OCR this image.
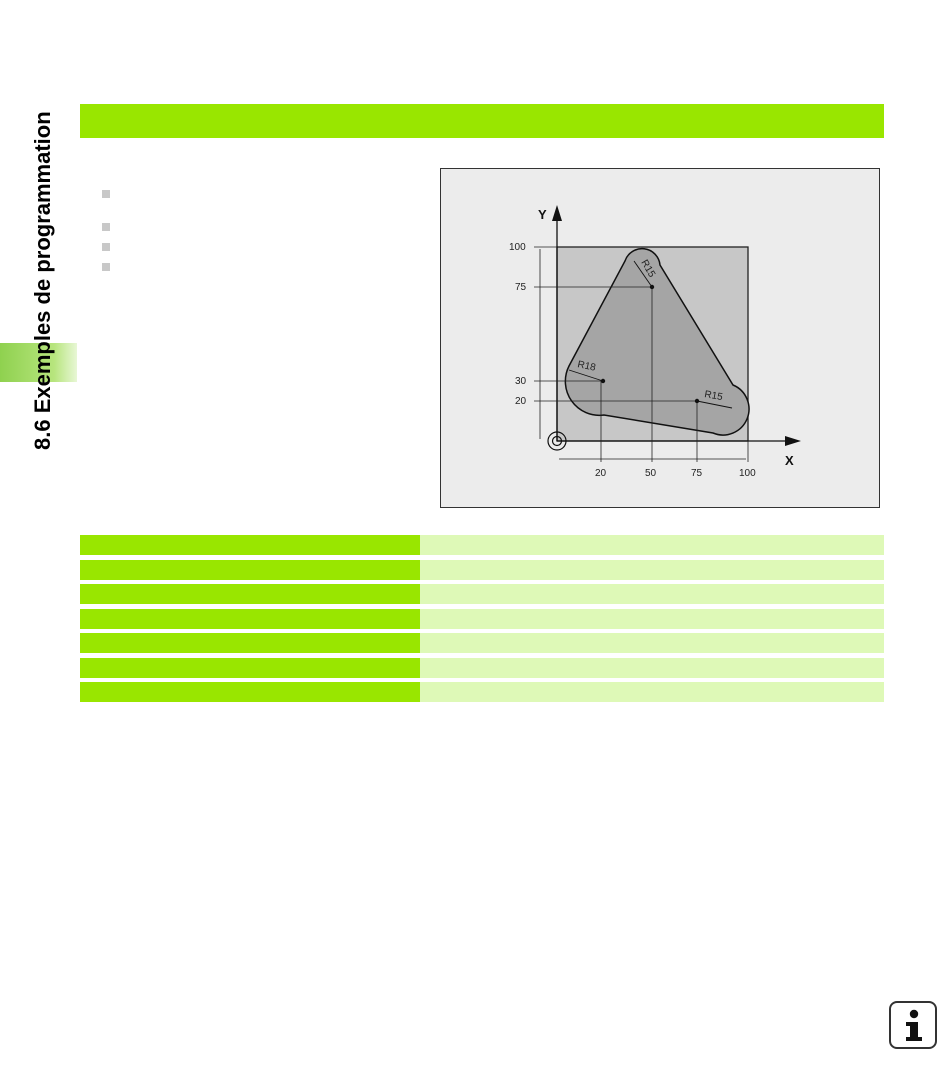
8.6 Exemples de programmation	Y
X
100
75
30
20
20	50	75	100
R15
R18
R15
